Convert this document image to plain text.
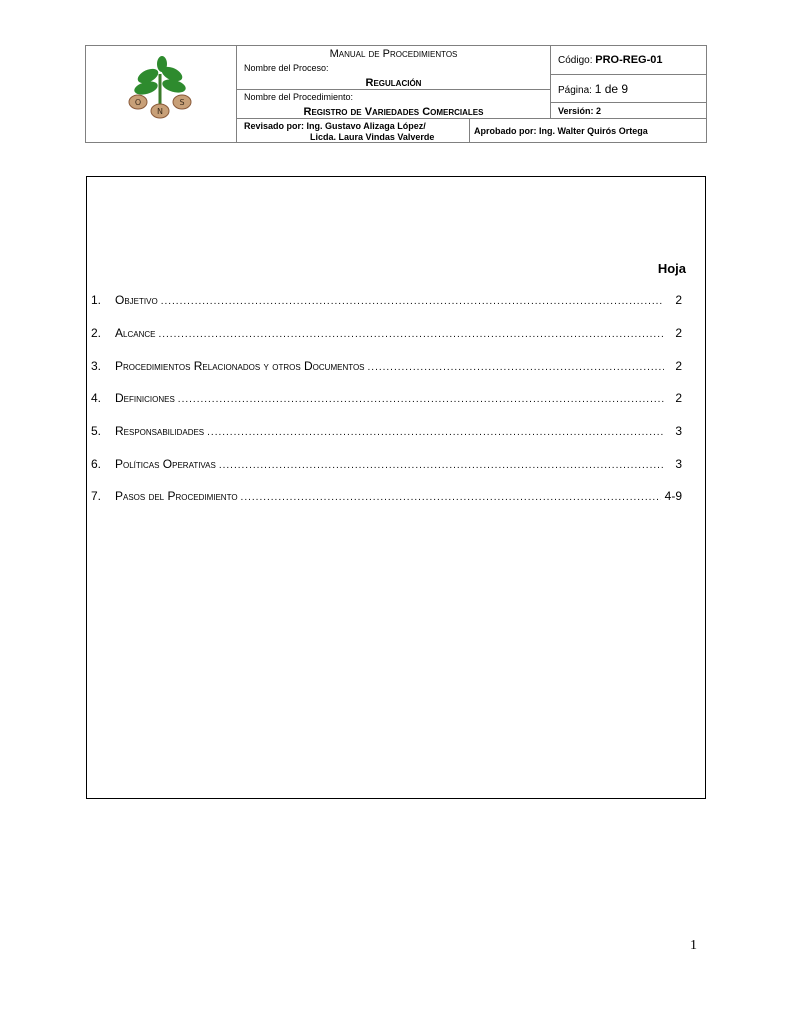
O
N
S
Manual de Procedimientos
Nombre del Proceso:
Regulación
Nombre del Procedimiento:
Registro de Variedades Comerciales
Código: PRO-REG-01
Página: 1 de 9
Versión: 2
Revisado por: Ing. Gustavo Alizaga López/
Licda. Laura Vindas Valverde
Aprobado por: Ing. Walter Quirós Ortega
Hoja
1.	Objetivo .....	2
2.	Alcance .....	2
3.	Procedimientos Relacionados y otros Documentos .....	2
4.	Definiciones .....	2
5.	Responsabilidades .....	3
6.	Políticas Operativas .....	3
7.	Pasos del Procedimiento .....	4-9
1
